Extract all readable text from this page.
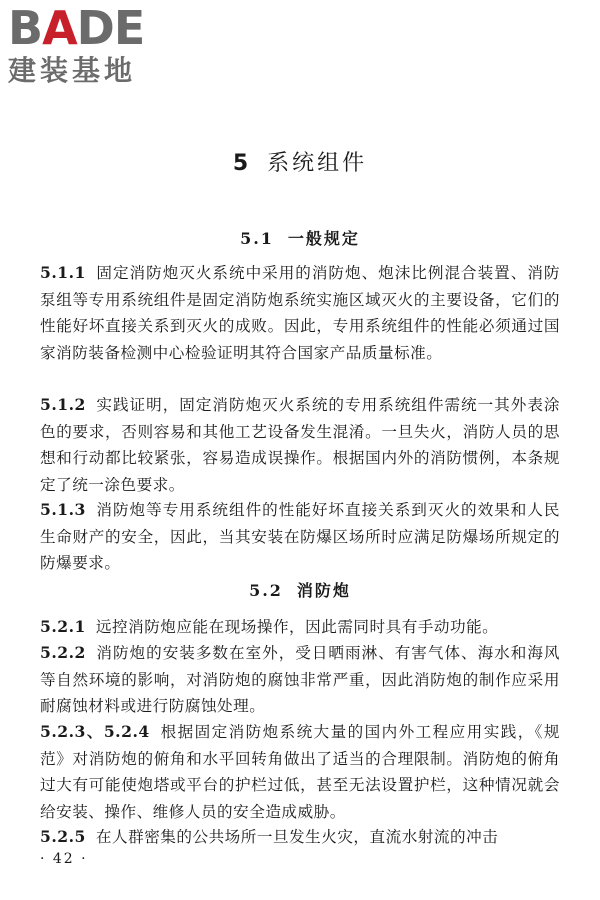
B A DE
建装基地
5 系统组件
5.1 一般规定

5.1.1 固定消防炮灭火系统中采用的消防炮、炮沫比例混合装置、消防泵组等专用系统组件是固定消防炮系统实施区域灭火的主要设备，它们的性能好坏直接关系到灭火的成败。因此，专用系统组件的性能必须通过国家消防装备检测中心检验证明其符合国家产品质量标准。

5.1.2 实践证明，固定消防炮灭火系统的专用系统组件需统一其外表涂色的要求，否则容易和其他工艺设备发生混淆。一旦失火，消防人员的思想和行动都比较紧张，容易造成误操作。根据国内外的消防惯例，本条规定了统一涂色要求。

5.1.3 消防炮等专用系统组件的性能好坏直接关系到灭火的效果和人民生命财产的安全，因此，当其安装在防爆区场所时应满足防爆场所规定的防爆要求。

5.2 消防炮

5.2.1 远控消防炮应能在现场操作，因此需同时具有手动功能。

5.2.2 消防炮的安装多数在室外，受日晒雨淋、有害气体、海水和海风等自然环境的影响，对消防炮的腐蚀非常严重，因此消防炮的制作应采用耐腐蚀材料或进行防腐蚀处理。

5.2.3、5.2.4 根据固定消防炮系统大量的国内外工程应用实践，《规范》对消防炮的俯角和水平回转角做出了适当的合理限制。消防炮的俯角过大有可能使炮塔或平台的护栏过低，甚至无法设置护栏，这种情况就会给安装、操作、维修人员的安全造成威胁。

5.2.5 在人群密集的公共场所一旦发生火灾，直流水射流的冲击

· 42 ·
